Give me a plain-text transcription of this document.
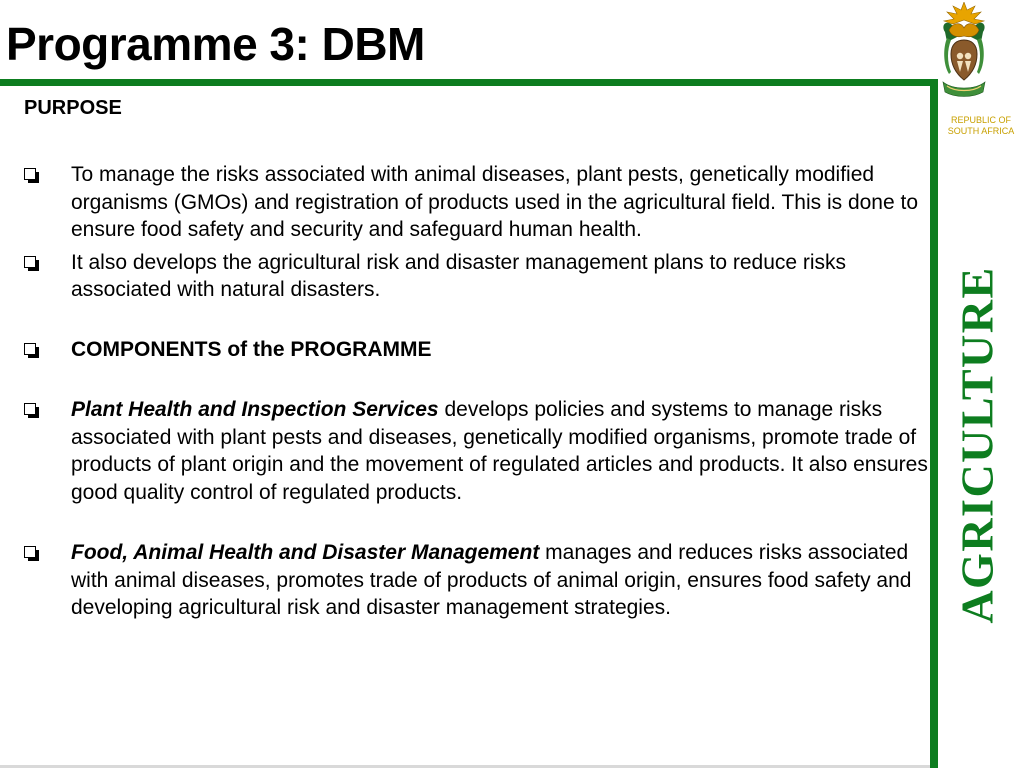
Programme 3: DBM
REPUBLIC OF
SOUTH AFRICA
AGRICULTURE
PURPOSE
To manage the risks associated with animal diseases, plant pests, genetically modified organisms (GMOs) and registration of products used in the agricultural field. This is done to ensure food safety and security and safeguard human health.
It also develops the agricultural risk and disaster management plans to reduce risks associated with natural disasters.
COMPONENTS of the PROGRAMME
Plant Health and Inspection Services develops policies and systems to manage risks associated with plant pests and diseases, genetically modified organisms, promote trade of products of plant origin and the movement of regulated articles and products. It also ensures good quality control of regulated products.
Food, Animal Health and Disaster Management manages and reduces risks associated with animal diseases, promotes trade of products of animal origin, ensures food safety and developing agricultural risk and disaster management strategies.
